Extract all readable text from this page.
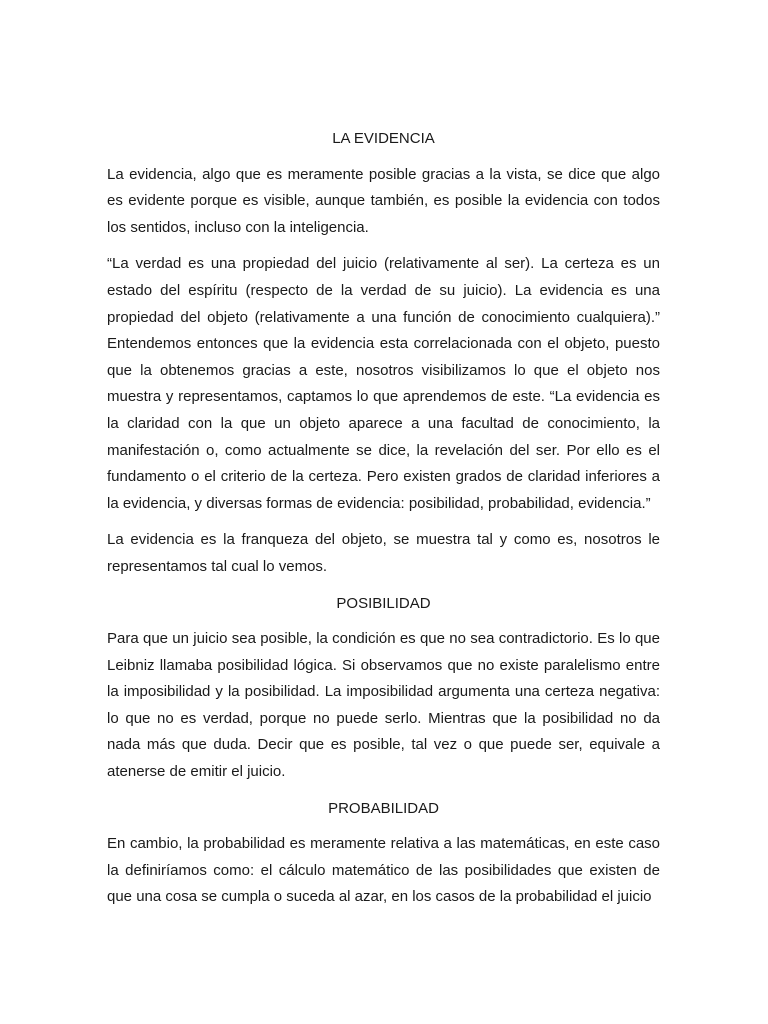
LA EVIDENCIA

La evidencia, algo que es meramente posible gracias a la vista, se dice que algo es evidente porque es visible, aunque también, es posible la evidencia con todos los sentidos, incluso con la inteligencia.

“La verdad es una propiedad del juicio (relativamente al ser). La certeza es un estado del espíritu (respecto de la verdad de su juicio). La evidencia es una propiedad del objeto (relativamente a una función de conocimiento cualquiera).” Entendemos entonces que la evidencia esta correlacionada con el objeto, puesto que la obtenemos gracias a este, nosotros visibilizamos lo que el objeto nos muestra y representamos, captamos lo que aprendemos de este. “La evidencia es la claridad con la que un objeto aparece a una facultad de conocimiento, la manifestación o, como actualmente se dice, la revelación del ser. Por ello es el fundamento o el criterio de la certeza. Pero existen grados de claridad inferiores a la evidencia, y diversas formas de evidencia: posibilidad, probabilidad, evidencia.”

La evidencia es la franqueza del objeto, se muestra tal y como es, nosotros le representamos tal cual lo vemos.

POSIBILIDAD

Para que un juicio sea posible, la condición es que no sea contradictorio. Es lo que Leibniz llamaba posibilidad lógica. Si observamos que no existe paralelismo entre la imposibilidad y la posibilidad. La imposibilidad argumenta una certeza negativa: lo que no es verdad, porque no puede serlo. Mientras que la posibilidad no da nada más que duda. Decir que es posible, tal vez o que puede ser, equivale a atenerse de emitir el juicio.

PROBABILIDAD

En cambio, la probabilidad es meramente relativa a las matemáticas, en este caso la definiríamos como: el cálculo matemático de las posibilidades que existen de que una cosa se cumpla o suceda al azar, en los casos de la probabilidad el juicio
